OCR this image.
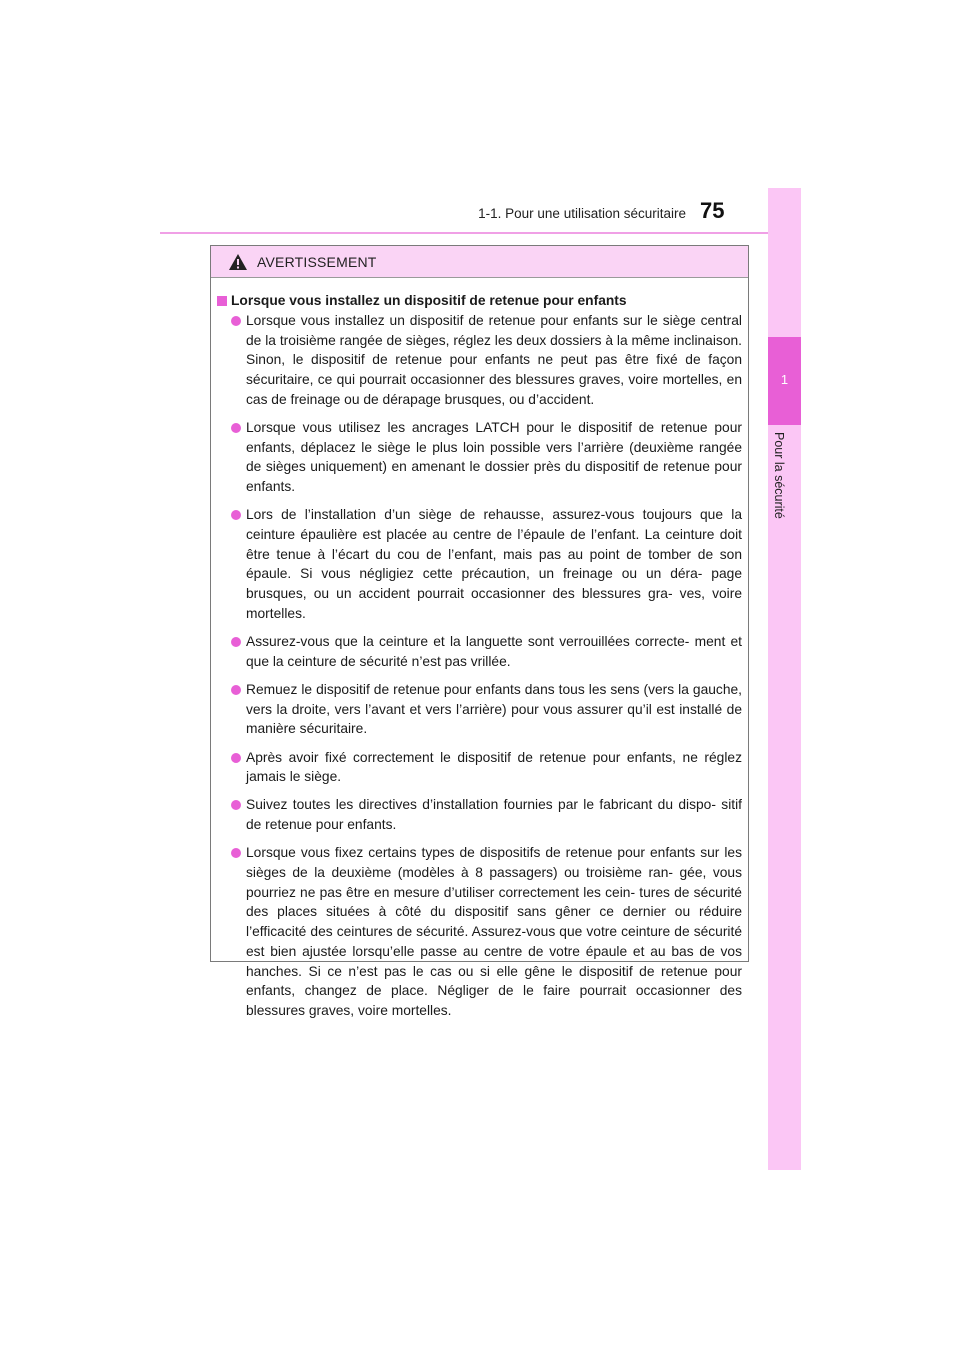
1-1. Pour une utilisation sécuritaire 75
1
Pour la sécurité
AVERTISSEMENT
Lorsque vous installez un dispositif de retenue pour enfants
Lorsque vous installez un dispositif de retenue pour enfants sur le siège central de la troisième rangée de sièges, réglez les deux dossiers à la même inclinaison. Sinon, le dispositif de retenue pour enfants ne peut pas être fixé de façon sécuritaire, ce qui pourrait occasionner des blessures graves, voire mortelles, en cas de freinage ou de dérapage brusques, ou d’accident.
Lorsque vous utilisez les ancrages LATCH pour le dispositif de retenue pour enfants, déplacez le siège le plus loin possible vers l’arrière (deuxième rangée de sièges uniquement) en amenant le dossier près du dispositif de retenue pour enfants.
Lors de l’installation d’un siège de rehausse, assurez-vous toujours que la ceinture épaulière est placée au centre de l’épaule de l’enfant. La ceinture doit être tenue à l’écart du cou de l’enfant, mais pas au point de tomber de son épaule. Si vous négligiez cette précaution, un freinage ou un déra- page brusques, ou un accident pourrait occasionner des blessures gra- ves, voire mortelles.
Assurez-vous que la ceinture et la languette sont verrouillées correcte- ment et que la ceinture de sécurité n’est pas vrillée.
Remuez le dispositif de retenue pour enfants dans tous les sens (vers la gauche, vers la droite, vers l’avant et vers l’arrière) pour vous assurer qu’il est installé de manière sécuritaire.
Après avoir fixé correctement le dispositif de retenue pour enfants, ne réglez jamais le siège.
Suivez toutes les directives d’installation fournies par le fabricant du dispo- sitif de retenue pour enfants.
Lorsque vous fixez certains types de dispositifs de retenue pour enfants sur les sièges de la deuxième (modèles à 8 passagers) ou troisième ran- gée, vous pourriez ne pas être en mesure d’utiliser correctement les cein- tures de sécurité des places situées à côté du dispositif sans gêner ce dernier ou réduire l’efficacité des ceintures de sécurité. Assurez-vous que votre ceinture de sécurité est bien ajustée lorsqu’elle passe au centre de votre épaule et au bas de vos hanches. Si ce n’est pas le cas ou si elle gêne le dispositif de retenue pour enfants, changez de place. Négliger de le faire pourrait occasionner des blessures graves, voire mortelles.
